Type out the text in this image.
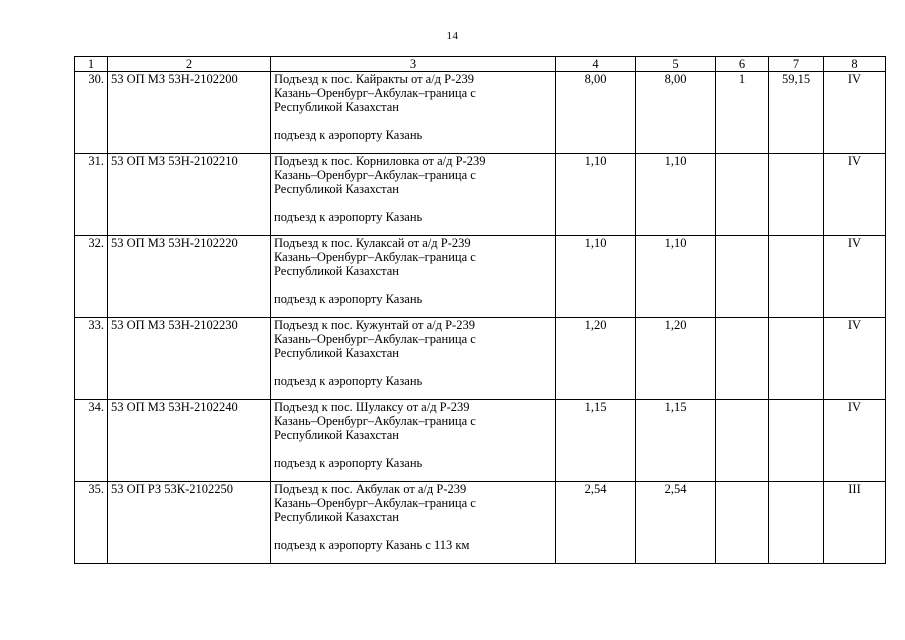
14
1	2	3	4	5	6	7	8
30.	53 ОП МЗ 53Н-2102200	Подъезд к пос. Кайракты от а/д Р-239
Казань–Оренбург–Акбулак–граница с
Республикой Казахстан
подъезд к аэропорту Казань	8,00	8,00	1	59,15	IV
31.	53 ОП МЗ 53Н-2102210	Подъезд к пос. Корниловка от а/д Р-239
Казань–Оренбург–Акбулак–граница с
Республикой Казахстан
подъезд к аэропорту Казань	1,10	1,10			IV
32.	53 ОП МЗ 53Н-2102220	Подъезд к пос. Кулаксай от а/д Р-239
Казань–Оренбург–Акбулак–граница с
Республикой Казахстан
подъезд к аэропорту Казань	1,10	1,10			IV
33.	53 ОП МЗ 53Н-2102230	Подъезд к пос. Кужунтай от а/д Р-239
Казань–Оренбург–Акбулак–граница с
Республикой Казахстан
подъезд к аэропорту Казань	1,20	1,20			IV
34.	53 ОП МЗ 53Н-2102240	Подъезд к пос. Шулаксу от а/д Р-239
Казань–Оренбург–Акбулак–граница с
Республикой Казахстан
подъезд к аэропорту Казань	1,15	1,15			IV
35.	53 ОП РЗ 53К-2102250	Подъезд к пос. Акбулак от а/д Р-239
Казань–Оренбург–Акбулак–граница с
Республикой Казахстан
подъезд к аэропорту Казань с 113 км	2,54	2,54			III
